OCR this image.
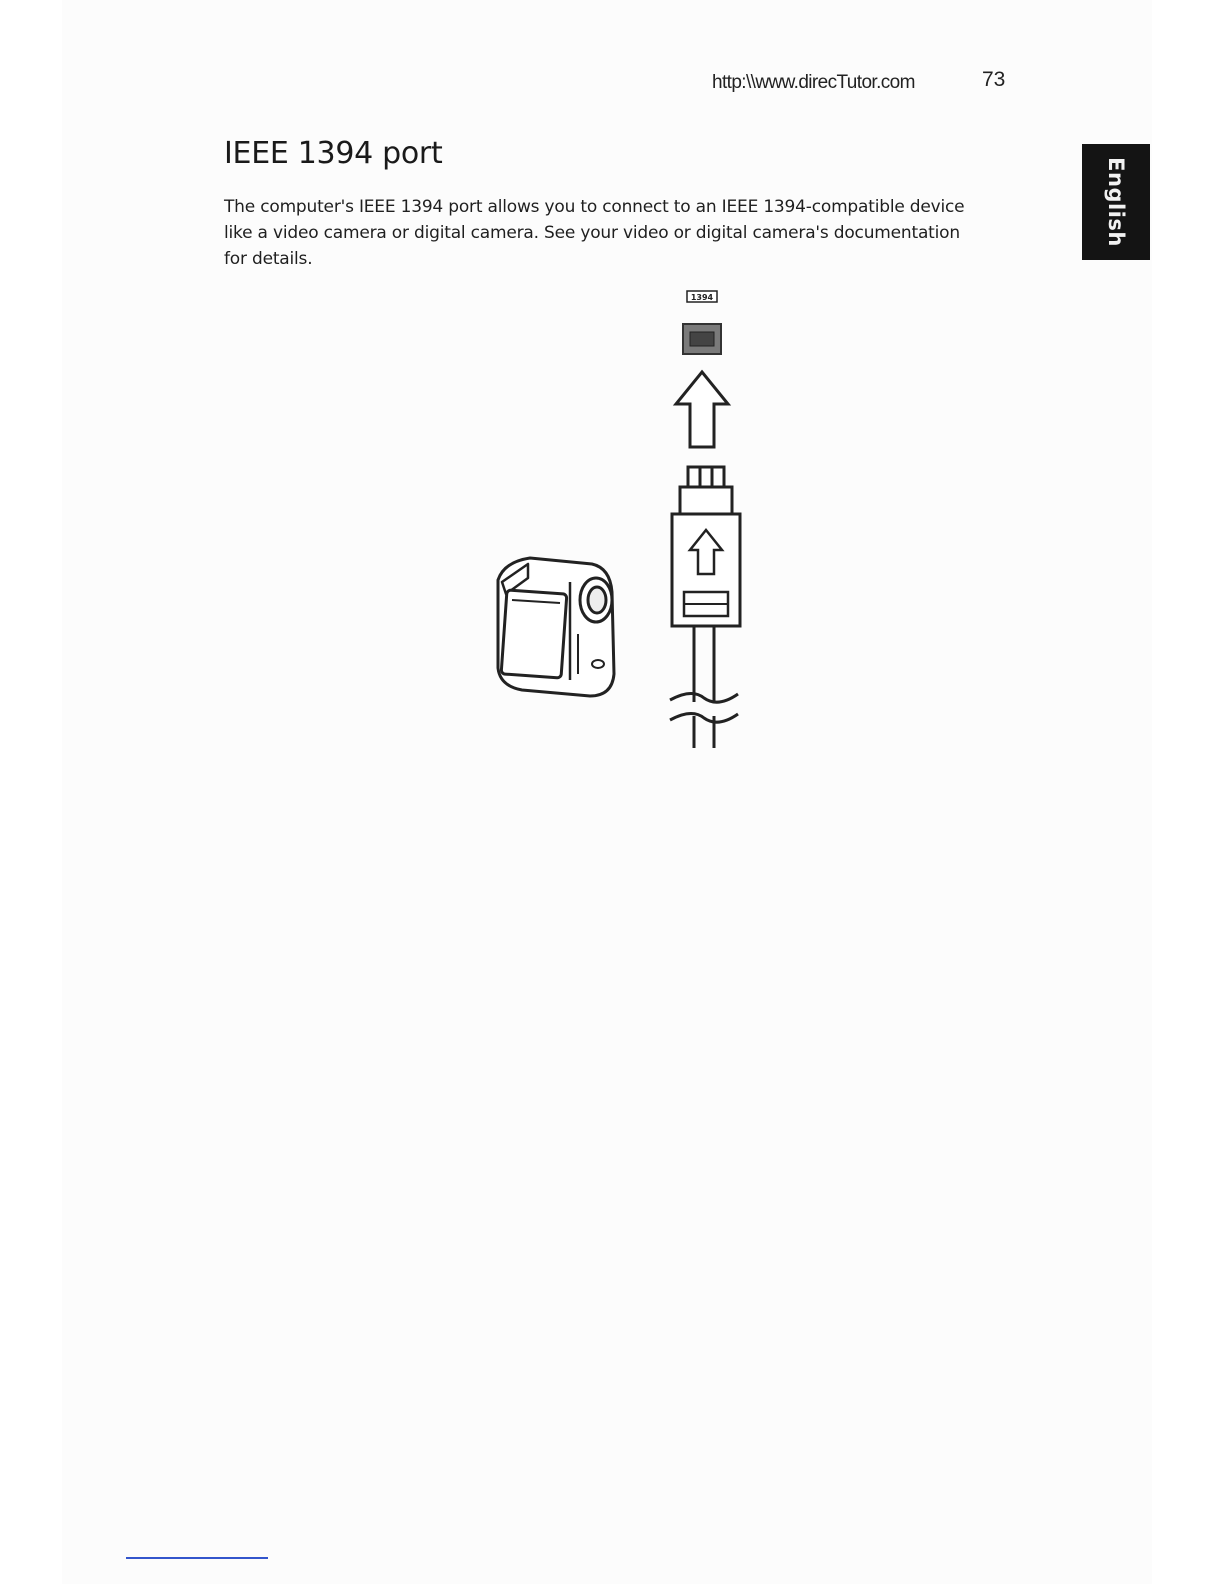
http:\\www.direcTutor.com	73
English
IEEE 1394 port

The computer's IEEE 1394 port allows you to connect to an IEEE 1394-compatible device like a video camera or digital camera. See your video or digital camera's documentation for details.

1394
